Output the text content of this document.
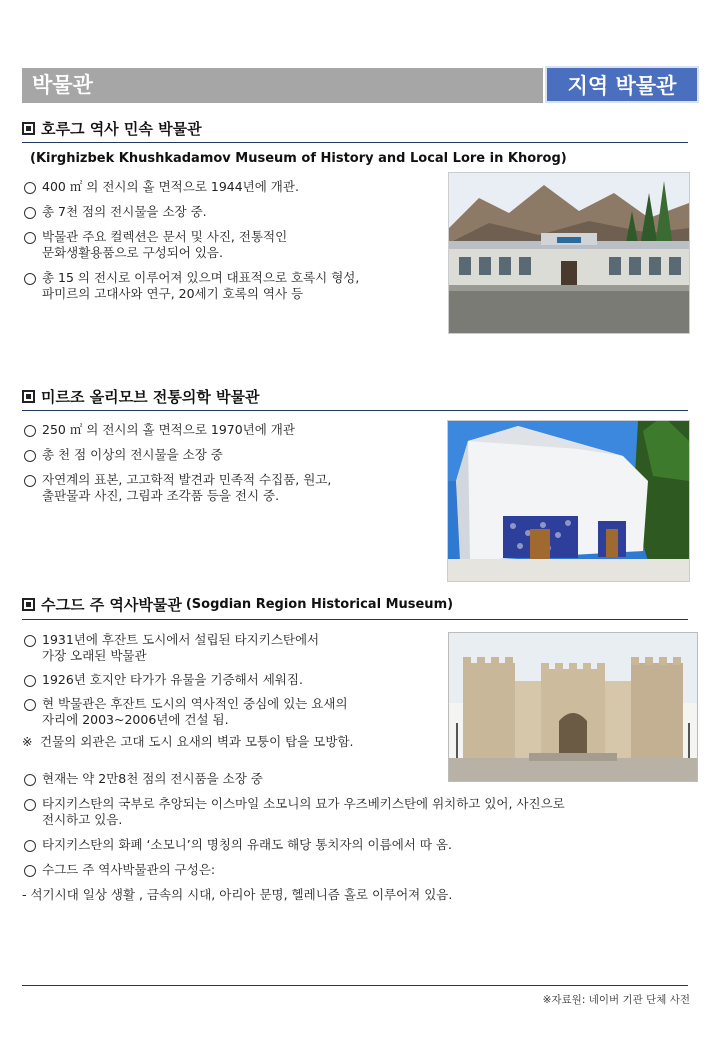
박물관	지역 박물관
호루그 역사 민속 박물관
(Kirghizbek Khushkadamov Museum of History and Local Lore in Khorog)
400 ㎡ 의 전시의 홀 면적으로 1944년에 개관.
총 7천 점의 전시물을 소장 중.
박물관 주요 컬렉션은 문서 및 사진, 전통적인
문화생활용품으로 구성되어 있음.
총 15 의 전시로 이루어져 있으며 대표적으로 호록시 형성,
파미르의 고대사와 연구, 20세기 호록의 역사 등
미르조 올리모브 전통의학 박물관
250 ㎡ 의 전시의 홀 면적으로 1970년에 개관
총 천 점 이상의 전시물을 소장 중
자연계의 표본, 고고학적 발견과 민족적 수집품, 원고,
출판물과 사진, 그림과 조각품 등을 전시 중.
수그드 주 역사박물관 (Sogdian Region Historical Museum)
1931년에 후잔트 도시에서 설립된 타지키스탄에서
가장 오래된 박물관
1926년 호지안 타가가 유물을 기증해서 세워짐.
현 박물관은 후잔트 도시의 역사적인 중심에 있는 요새의
자리에 2003~2006년에 건설 됨.
※ 건물의 외관은 고대 도시 요새의 벽과 모퉁이 탑을 모방함.
현재는 약 2만8천 점의 전시품을 소장 중
타지키스탄의 국부로 추앙되는 이스마일 소모니의 묘가 우즈베키스탄에 위치하고 있어, 사진으로
전시하고 있음.
타지키스탄의 화폐 ‘소모니’의 명칭의 유래도 해당 통치자의 이름에서 따 옴.
수그드 주 역사박물관의 구성은:
- 석기시대 일상 생활 , 금속의 시대, 아리아 문명, 헬레니즘 홀로 이루어져 있음.
※자료원: 네이버 기관 단체 사전
